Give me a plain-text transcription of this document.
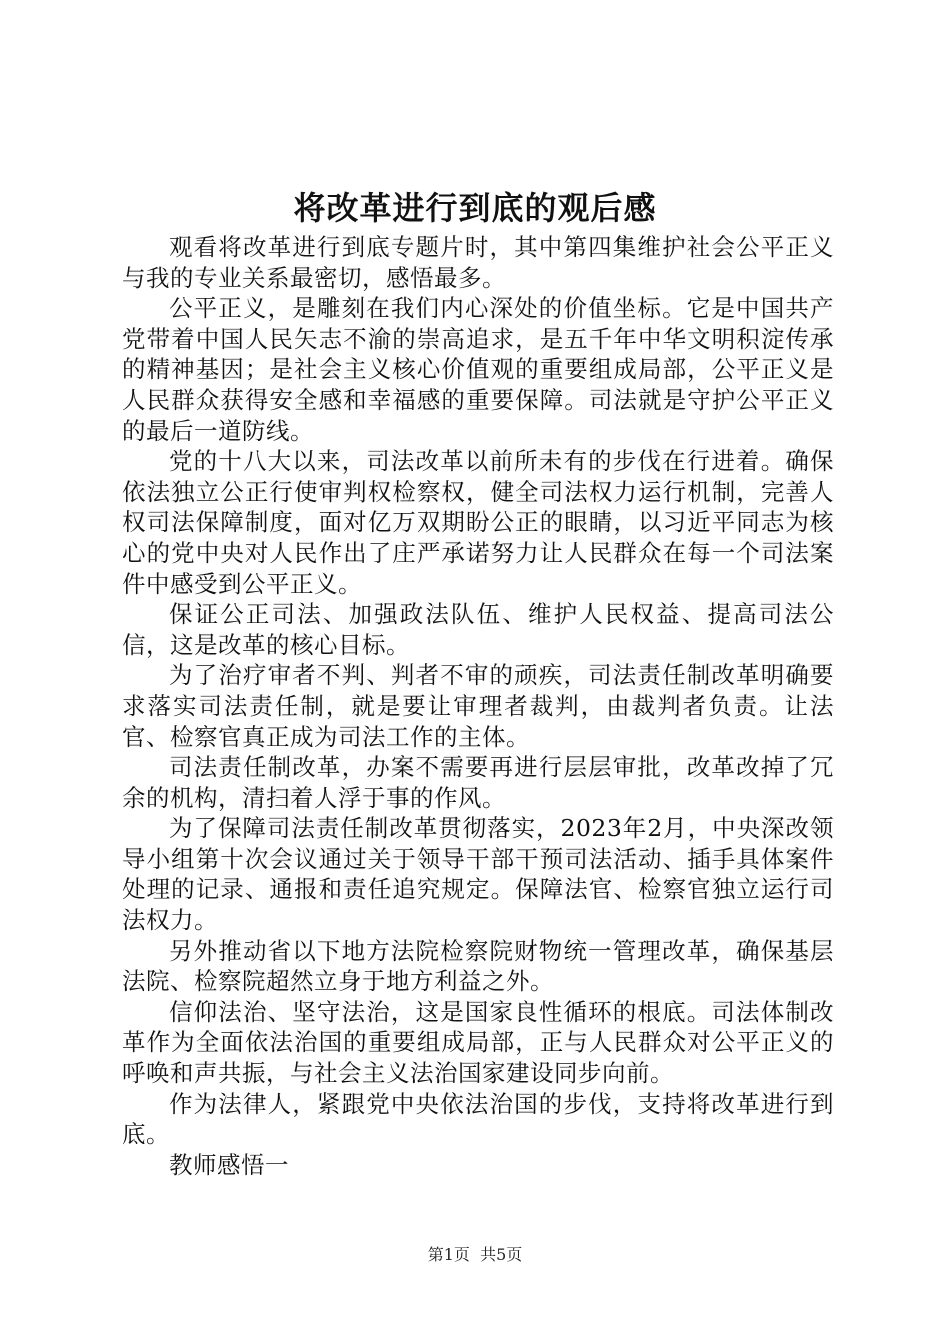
将改革进行到底的观后感

观看将改革进行到底专题片时，其中第四集维护社会公平正义与我的专业关系最密切，感悟最多。

公平正义，是雕刻在我们内心深处的价值坐标。它是中国共产党带着中国人民矢志不渝的崇高追求，是五千年中华文明积淀传承的精神基因；是社会主义核心价值观的重要组成局部，公平正义是人民群众获得安全感和幸福感的重要保障。司法就是守护公平正义的最后一道防线。

党的十八大以来，司法改革以前所未有的步伐在行进着。确保依法独立公正行使审判权检察权，健全司法权力运行机制，完善人权司法保障制度，面对亿万双期盼公正的眼睛，以习近平同志为核心的党中央对人民作出了庄严承诺努力让人民群众在每一个司法案件中感受到公平正义。

保证公正司法、加强政法队伍、维护人民权益、提高司法公信，这是改革的核心目标。

为了治疗审者不判、判者不审的顽疾，司法责任制改革明确要求落实司法责任制，就是要让审理者裁判，由裁判者负责。让法官、检察官真正成为司法工作的主体。

司法责任制改革，办案不需要再进行层层审批，改革改掉了冗余的机构，清扫着人浮于事的作风。

为了保障司法责任制改革贯彻落实，2023年2月，中央深改领导小组第十次会议通过关于领导干部干预司法活动、插手具体案件处理的记录、通报和责任追究规定。保障法官、检察官独立运行司法权力。

另外推动省以下地方法院检察院财物统一管理改革，确保基层法院、检察院超然立身于地方利益之外。

信仰法治、坚守法治，这是国家良性循环的根底。司法体制改革作为全面依法治国的重要组成局部，正与人民群众对公平正义的呼唤和声共振，与社会主义法治国家建设同步向前。

作为法律人，紧跟党中央依法治国的步伐，支持将改革进行到底。

教师感悟一

第1页 共5页
